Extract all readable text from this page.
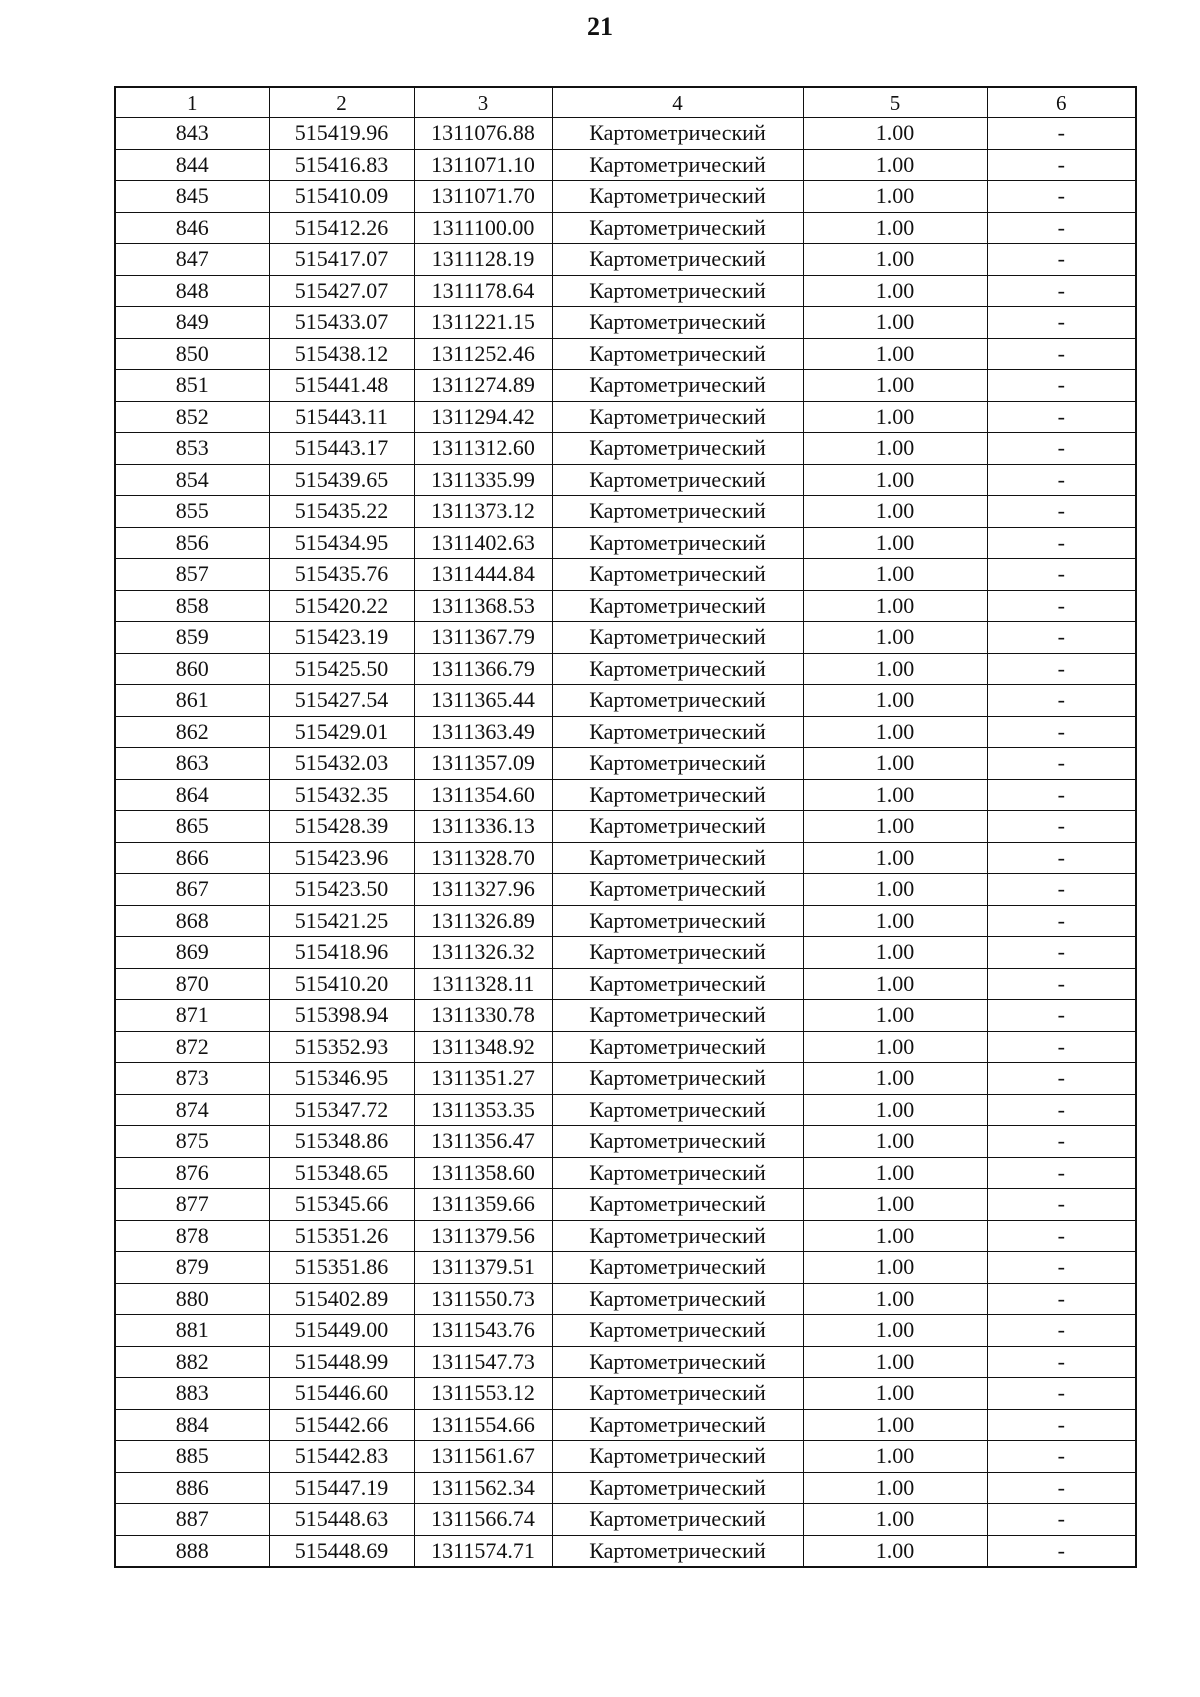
21
1	2	3	4	5	6
843	515419.96	1311076.88	Картометрический	1.00	-
844	515416.83	1311071.10	Картометрический	1.00	-
845	515410.09	1311071.70	Картометрический	1.00	-
846	515412.26	1311100.00	Картометрический	1.00	-
847	515417.07	1311128.19	Картометрический	1.00	-
848	515427.07	1311178.64	Картометрический	1.00	-
849	515433.07	1311221.15	Картометрический	1.00	-
850	515438.12	1311252.46	Картометрический	1.00	-
851	515441.48	1311274.89	Картометрический	1.00	-
852	515443.11	1311294.42	Картометрический	1.00	-
853	515443.17	1311312.60	Картометрический	1.00	-
854	515439.65	1311335.99	Картометрический	1.00	-
855	515435.22	1311373.12	Картометрический	1.00	-
856	515434.95	1311402.63	Картометрический	1.00	-
857	515435.76	1311444.84	Картометрический	1.00	-
858	515420.22	1311368.53	Картометрический	1.00	-
859	515423.19	1311367.79	Картометрический	1.00	-
860	515425.50	1311366.79	Картометрический	1.00	-
861	515427.54	1311365.44	Картометрический	1.00	-
862	515429.01	1311363.49	Картометрический	1.00	-
863	515432.03	1311357.09	Картометрический	1.00	-
864	515432.35	1311354.60	Картометрический	1.00	-
865	515428.39	1311336.13	Картометрический	1.00	-
866	515423.96	1311328.70	Картометрический	1.00	-
867	515423.50	1311327.96	Картометрический	1.00	-
868	515421.25	1311326.89	Картометрический	1.00	-
869	515418.96	1311326.32	Картометрический	1.00	-
870	515410.20	1311328.11	Картометрический	1.00	-
871	515398.94	1311330.78	Картометрический	1.00	-
872	515352.93	1311348.92	Картометрический	1.00	-
873	515346.95	1311351.27	Картометрический	1.00	-
874	515347.72	1311353.35	Картометрический	1.00	-
875	515348.86	1311356.47	Картометрический	1.00	-
876	515348.65	1311358.60	Картометрический	1.00	-
877	515345.66	1311359.66	Картометрический	1.00	-
878	515351.26	1311379.56	Картометрический	1.00	-
879	515351.86	1311379.51	Картометрический	1.00	-
880	515402.89	1311550.73	Картометрический	1.00	-
881	515449.00	1311543.76	Картометрический	1.00	-
882	515448.99	1311547.73	Картометрический	1.00	-
883	515446.60	1311553.12	Картометрический	1.00	-
884	515442.66	1311554.66	Картометрический	1.00	-
885	515442.83	1311561.67	Картометрический	1.00	-
886	515447.19	1311562.34	Картометрический	1.00	-
887	515448.63	1311566.74	Картометрический	1.00	-
888	515448.69	1311574.71	Картометрический	1.00	-
